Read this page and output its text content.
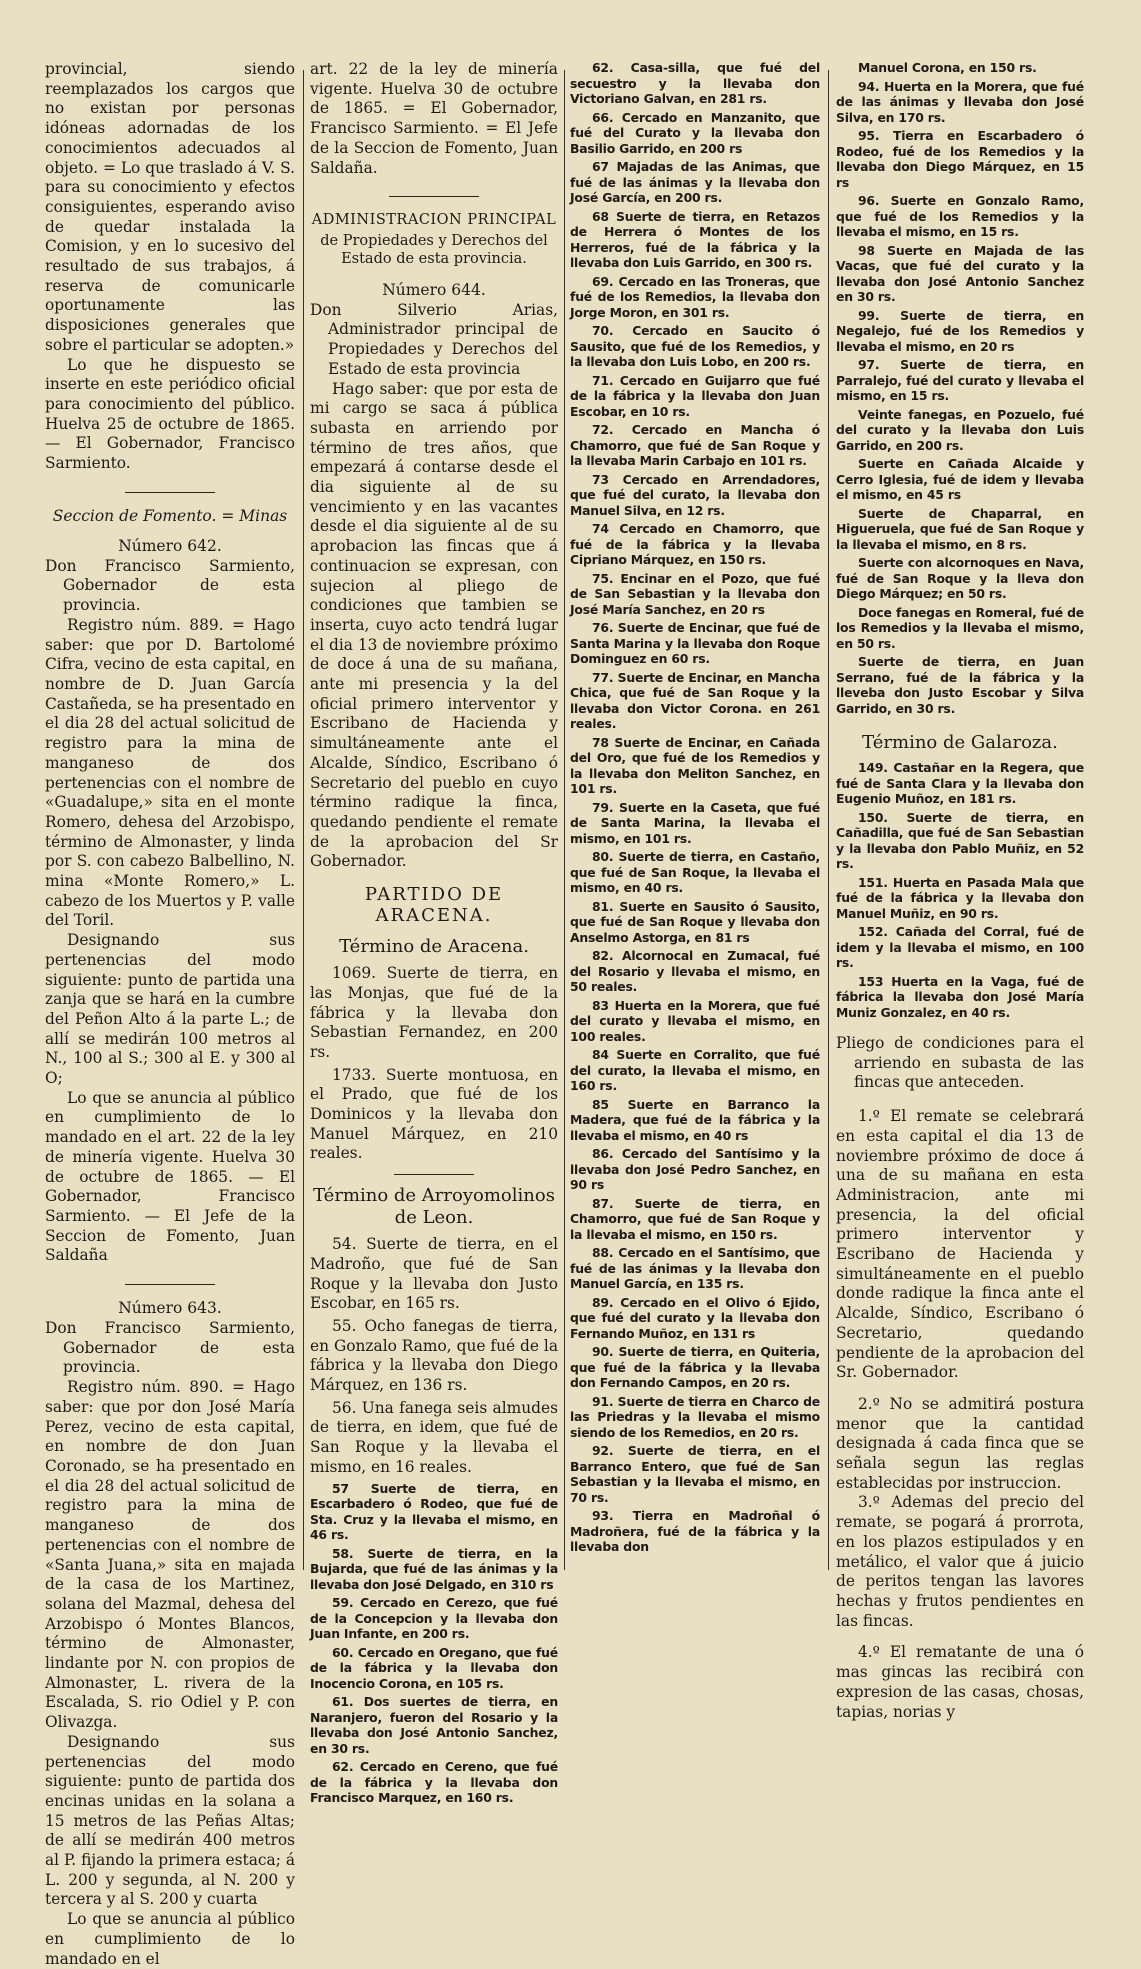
provincial, siendo reemplazados los cargos que no existan por personas idóneas adornadas de los conocimientos adecuados al objeto. = Lo que traslado á V. S. para su conocimiento y efectos consiguientes, esperando aviso de quedar instalada la Comision, y en lo sucesivo del resultado de sus trabajos, á reserva de comunicarle oportunamente las disposiciones generales que sobre el particular se adopten.»

Lo que he dispuesto se inserte en este periódico oficial para conocimiento del público. Huelva 25 de octubre de 1865. — El Gobernador, Francisco Sarmiento.

Seccion de Fomento. = Minas

Número 642.

Don Francisco Sarmiento, Gobernador de esta provincia.

Registro núm. 889. = Hago saber: que por D. Bartolomé Cifra, vecino de esta capital, en nombre de D. Juan García Castañeda, se ha presentado en el dia 28 del actual solicitud de registro para la mina de manganeso de dos pertenencias con el nombre de «Guadalupe,» sita en el monte Romero, dehesa del Arzobispo, término de Almonaster, y linda por S. con cabezo Balbellino, N. mina «Monte Romero,» L. cabezo de los Muertos y P. valle del Toril.

Designando sus pertenencias del modo siguiente: punto de partida una zanja que se hará en la cumbre del Peñon Alto á la parte L.; de allí se medirán 100 metros al N., 100 al S.; 300 al E. y 300 al O;

Lo que se anuncia al público en cumplimiento de lo mandado en el art. 22 de la ley de minería vigente. Huelva 30 de octubre de 1865. — El Gobernador, Francisco Sarmiento. — El Jefe de la Seccion de Fomento, Juan Saldaña

Número 643.

Don Francisco Sarmiento, Gobernador de esta provincia.

Registro núm. 890. = Hago saber: que por don José María Perez, vecino de esta capital, en nombre de don Juan Coronado, se ha presentado en el dia 28 del actual solicitud de registro para la mina de manganeso de dos pertenencias con el nombre de «Santa Juana,» sita en majada de la casa de los Martinez, solana del Mazmal, dehesa del Arzobispo ó Montes Blancos, término de Almonaster, lindante por N. con propios de Almonaster, L. rivera de la Escalada, S. rio Odiel y P. con Olivazga.

Designando sus pertenencias del modo siguiente: punto de partida dos encinas unidas en la solana a 15 metros de las Peñas Altas; de allí se medirán 400 metros al P. fijando la primera estaca; á L. 200 y segunda, al N. 200 y tercera y al S. 200 y cuarta

Lo que se anuncia al público en cumplimiento de lo mandado en el

art. 22 de la ley de minería vigente. Huelva 30 de octubre de 1865. = El Gobernador, Francisco Sarmiento. = El Jefe de la Seccion de Fomento, Juan Saldaña.

ADMINISTRACION PRINCIPAL

de Propiedades y Derechos del Estado de esta provincia.

Número 644.

Don Silverio Arias, Administrador principal de Propiedades y Derechos del Estado de esta provincia

Hago saber: que por esta de mi cargo se saca á pública subasta en arriendo por término de tres años, que empezará á contarse desde el dia siguiente al de su vencimiento y en las vacantes desde el dia siguiente al de su aprobacion las fincas que á continuacion se expresan, con sujecion al pliego de condiciones que tambien se inserta, cuyo acto tendrá lugar el dia 13 de noviembre próximo de doce á una de su mañana, ante mi presencia y la del oficial primero interventor y Escribano de Hacienda y simultáneamente ante el Alcalde, Síndico, Escribano ó Secretario del pueblo en cuyo término radique la finca, quedando pendiente el remate de la aprobacion del Sr Gobernador.

PARTIDO DE ARACENA.

Término de Aracena.

1069. Suerte de tierra, en las Monjas, que fué de la fábrica y la llevaba don Sebastian Fernandez, en 200 rs.

1733. Suerte montuosa, en el Prado, que fué de los Dominicos y la llevaba don Manuel Márquez, en 210 reales.

Término de Arroyomolinos de Leon.

54. Suerte de tierra, en el Madroño, que fué de San Roque y la llevaba don Justo Escobar, en 165 rs.

55. Ocho fanegas de tierra, en Gonzalo Ramo, que fué de la fábrica y la llevaba don Diego Márquez, en 136 rs.

56. Una fanega seis almudes de tierra, en idem, que fué de San Roque y la llevaba el mismo, en 16 reales.

57 Suerte de tierra, en Escarbadero ó Rodeo, que fué de Sta. Cruz y la llevaba el mismo, en 46 rs.

58. Suerte de tierra, en la Bujarda, que fué de las ánimas y la llevaba don José Delgado, en 310 rs

59. Cercado en Cerezo, que fué de la Concepcion y la llevaba don Juan Infante, en 200 rs.

60. Cercado en Oregano, que fué de la fábrica y la llevaba don Inocencio Corona, en 105 rs.

61. Dos suertes de tierra, en Naranjero, fueron del Rosario y la llevaba don José Antonio Sanchez, en 30 rs.

62. Cercado en Cereno, que fué de la fábrica y la llevaba don Francisco Marquez, en 160 rs.

62. Casa-silla, que fué del secuestro y la llevaba don Victoriano Galvan, en 281 rs.

66. Cercado en Manzanito, que fué del Curato y la llevaba don Basilio Garrido, en 200 rs

67 Majadas de las Animas, que fué de las ánimas y la llevaba don José García, en 200 rs.

68 Suerte de tierra, en Retazos de Herrera ó Montes de los Herreros, fué de la fábrica y la llevaba don Luis Garrido, en 300 rs.

69. Cercado en las Troneras, que fué de los Remedios, la llevaba don Jorge Moron, en 301 rs.

70. Cercado en Saucito ó Sausito, que fué de los Remedios, y la llevaba don Luis Lobo, en 200 rs.

71. Cercado en Guijarro que fué de la fábrica y la llevaba don Juan Escobar, en 10 rs.

72. Cercado en Mancha ó Chamorro, que fué de San Roque y la llevaba Marin Carbajo en 101 rs.

73 Cercado en Arrendadores, que fué del curato, la llevaba don Manuel Silva, en 12 rs.

74 Cercado en Chamorro, que fué de la fábrica y la llevaba Cipriano Márquez, en 150 rs.

75. Encinar en el Pozo, que fué de San Sebastian y la llevaba don José María Sanchez, en 20 rs

76. Suerte de Encinar, que fué de Santa Marina y la llevaba don Roque Dominguez en 60 rs.

77. Suerte de Encinar, en Mancha Chica, que fué de San Roque y la llevaba don Victor Corona. en 261 reales.

78 Suerte de Encinar, en Cañada del Oro, que fué de los Remedios y la llevaba don Meliton Sanchez, en 101 rs.

79. Suerte en la Caseta, que fué de Santa Marina, la llevaba el mismo, en 101 rs.

80. Suerte de tierra, en Castaño, que fué de San Roque, la llevaba el mismo, en 40 rs.

81. Suerte en Sausito ó Sausito, que fué de San Roque y llevaba don Anselmo Astorga, en 81 rs

82. Alcornocal en Zumacal, fué del Rosario y llevaba el mismo, en 50 reales.

83 Huerta en la Morera, que fué del curato y llevaba el mismo, en 100 reales.

84 Suerte en Corralito, que fué del curato, la llevaba el mismo, en 160 rs.

85 Suerte en Barranco la Madera, que fué de la fábrica y la llevaba el mismo, en 40 rs

86. Cercado del Santísimo y la llevaba don José Pedro Sanchez, en 90 rs

87. Suerte de tierra, en Chamorro, que fué de San Roque y la llevaba el mismo, en 150 rs.

88. Cercado en el Santísimo, que fué de las ánimas y la llevaba don Manuel García, en 135 rs.

89. Cercado en el Olivo ó Ejido, que fué del curato y la llevaba don Fernando Muñoz, en 131 rs

90. Suerte de tierra, en Quiteria, que fué de la fábrica y la llevaba don Fernando Campos, en 20 rs.

91. Suerte de tierra en Charco de las Priedras y la llevaba el mismo siendo de los Remedios, en 20 rs.

92. Suerte de tierra, en el Barranco Entero, que fué de San Sebastian y la llevaba el mismo, en 70 rs.

93. Tierra en Madroñal ó Madroñera, fué de la fábrica y la llevaba don

Manuel Corona, en 150 rs.

94. Huerta en la Morera, que fué de las ánimas y llevaba don José Silva, en 170 rs.

95. Tierra en Escarbadero ó Rodeo, fué de los Remedios y la llevaba don Diego Márquez, en 15 rs

96. Suerte en Gonzalo Ramo, que fué de los Remedios y la llevaba el mismo, en 15 rs.

98 Suerte en Majada de las Vacas, que fué del curato y la llevaba don José Antonio Sanchez en 30 rs.

99. Suerte de tierra, en Negalejo, fué de los Remedios y llevaba el mismo, en 20 rs

97. Suerte de tierra, en Parralejo, fué del curato y llevaba el mismo, en 15 rs.

Veinte fanegas, en Pozuelo, fué del curato y la llevaba don Luis Garrido, en 200 rs.

Suerte en Cañada Alcaide y Cerro Iglesia, fué de idem y llevaba el mismo, en 45 rs

Suerte de Chaparral, en Higueruela, que fué de San Roque y la llevaba el mismo, en 8 rs.

Suerte con alcornoques en Nava, fué de San Roque y la lleva don Diego Márquez; en 50 rs.

Doce fanegas en Romeral, fué de los Remedios y la llevaba el mismo, en 50 rs.

Suerte de tierra, en Juan Serrano, fué de la fábrica y la lleveba don Justo Escobar y Silva Garrido, en 30 rs.

Término de Galaroza.

149. Castañar en la Regera, que fué de Santa Clara y la llevaba don Eugenio Muñoz, en 181 rs.

150. Suerte de tierra, en Cañadilla, que fué de San Sebastian y la llevaba don Pablo Muñiz, en 52 rs.

151. Huerta en Pasada Mala que fué de la fábrica y la llevaba don Manuel Muñiz, en 90 rs.

152. Cañada del Corral, fué de idem y la llevaba el mismo, en 100 rs.

153 Huerta en la Vaga, fué de fábrica la llevaba don José María Muniz Gonzalez, en 40 rs.

Pliego de condiciones para el arriendo en subasta de las fincas que anteceden.

1.º El remate se celebrará en esta capital el dia 13 de noviembre próximo de doce á una de su mañana en esta Administracion, ante mi presencia, la del oficial primero interventor y Escribano de Hacienda y simultáneamente en el pueblo donde radique la finca ante el Alcalde, Síndico, Escribano ó Secretario, quedando pendiente de la aprobacion del Sr. Gobernador.

2.º No se admitirá postura menor que la cantidad designada á cada finca que se señala segun las reglas establecidas por instruccion.

3.º Ademas del precio del remate, se pogará á prorrota, en los plazos estipulados y en metálico, el valor que á juicio de peritos tengan las lavores hechas y frutos pendientes en las fincas.

4.º El rematante de una ó mas gincas las recibirá con expresion de las casas, chosas, tapias, norias y
